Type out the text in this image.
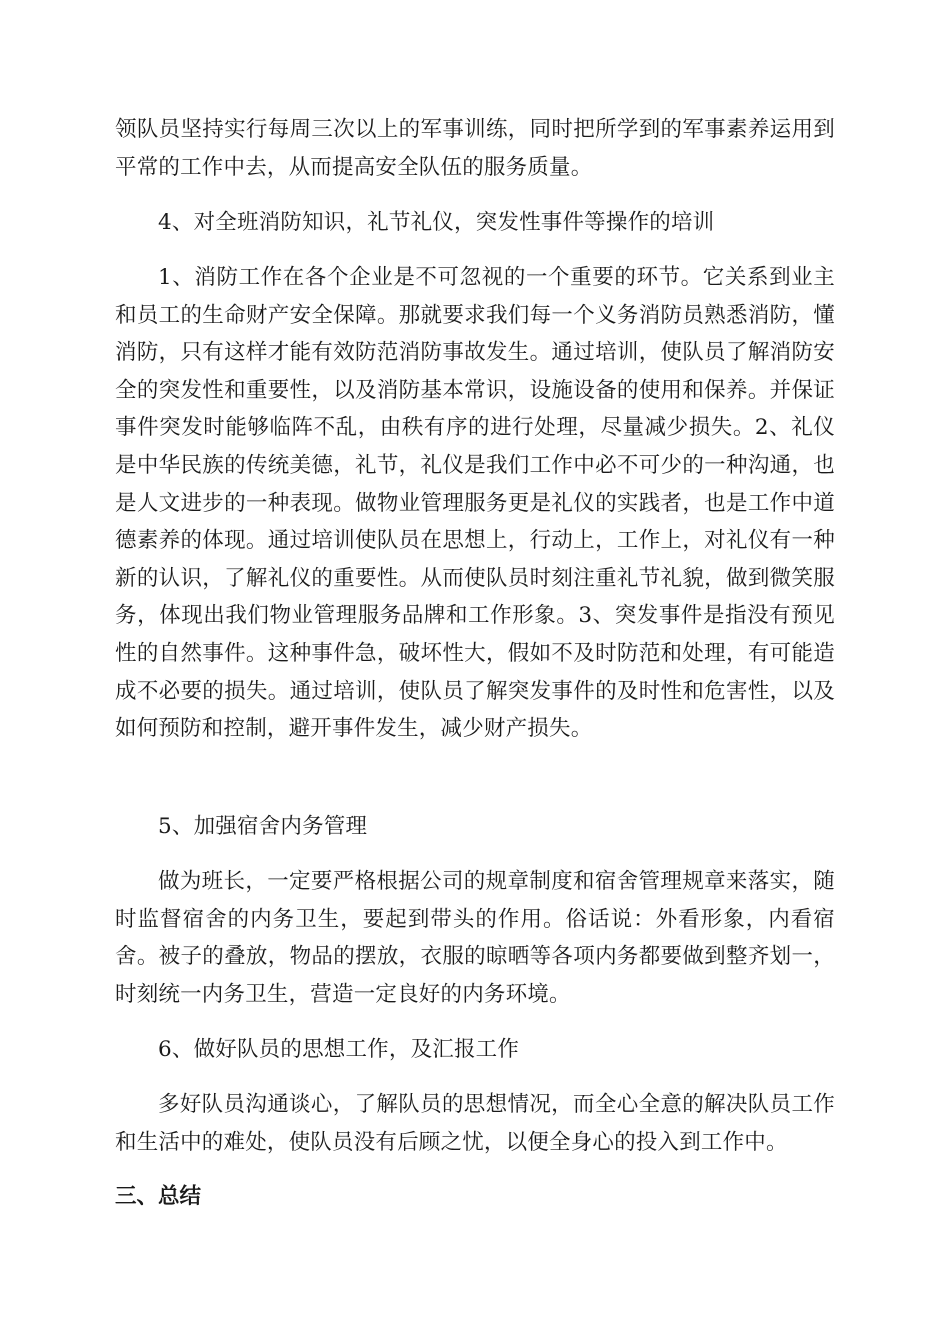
领队员坚持实行每周三次以上的军事训练，同时把所学到的军事素养运用到平常的工作中去，从而提高安全队伍的服务质量。

4、对全班消防知识，礼节礼仪，突发性事件等操作的培训

1、消防工作在各个企业是不可忽视的一个重要的环节。它关系到业主和员工的生命财产安全保障。那就要求我们每一个义务消防员熟悉消防，懂消防，只有这样才能有效防范消防事故发生。通过培训，使队员了解消防安全的突发性和重要性，以及消防基本常识，设施设备的使用和保养。并保证事件突发时能够临阵不乱，由秩有序的进行处理，尽量减少损失。2、礼仪是中华民族的传统美德，礼节，礼仪是我们工作中必不可少的一种沟通，也是人文进步的一种表现。做物业管理服务更是礼仪的实践者，也是工作中道德素养的体现。通过培训使队员在思想上，行动上，工作上，对礼仪有一种新的认识，了解礼仪的重要性。从而使队员时刻注重礼节礼貌，做到微笑服务，体现出我们物业管理服务品牌和工作形象。3、突发事件是指没有预见性的自然事件。这种事件急，破坏性大，假如不及时防范和处理，有可能造成不必要的损失。通过培训，使队员了解突发事件的及时性和危害性，以及如何预防和控制，避开事件发生，减少财产损失。

5、加强宿舍内务管理

做为班长，一定要严格根据公司的规章制度和宿舍管理规章来落实，随时监督宿舍的内务卫生，要起到带头的作用。俗话说：外看形象，内看宿舍。被子的叠放，物品的摆放，衣服的晾晒等各项内务都要做到整齐划一，时刻统一内务卫生，营造一定良好的内务环境。

6、做好队员的思想工作，及汇报工作

多好队员沟通谈心，了解队员的思想情况，而全心全意的解决队员工作和生活中的难处，使队员没有后顾之忧，以便全身心的投入到工作中。

三、总结
